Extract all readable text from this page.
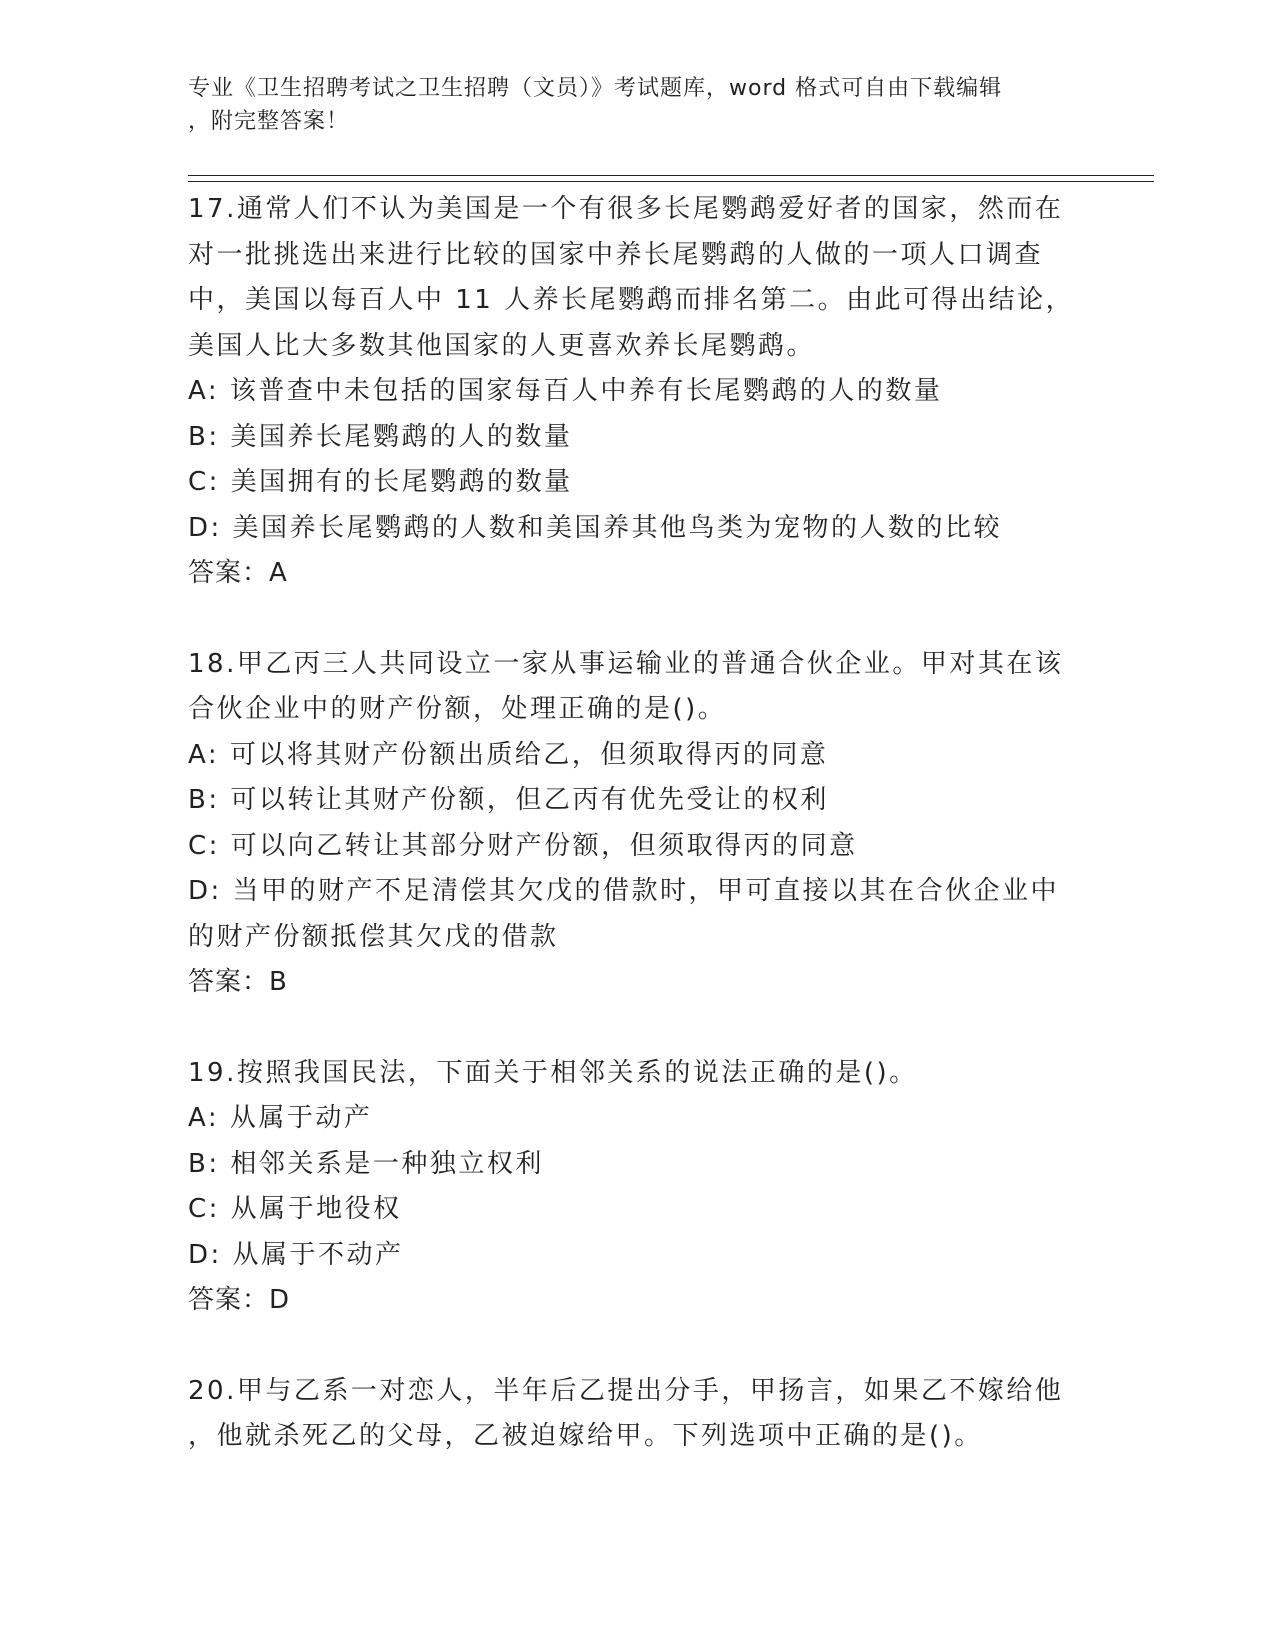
专业《卫生招聘考试之卫生招聘（文员）》考试题库，word 格式可自由下载编辑
，附完整答案！
17.通常人们不认为美国是一个有很多长尾鹦鹉爱好者的国家，然而在
对一批挑选出来进行比较的国家中养长尾鹦鹉的人做的一项人口调查
中，美国以每百人中 11 人养长尾鹦鹉而排名第二。由此可得出结论，
美国人比大多数其他国家的人更喜欢养长尾鹦鹉。
A: 该普查中未包括的国家每百人中养有长尾鹦鹉的人的数量
B: 美国养长尾鹦鹉的人的数量
C: 美国拥有的长尾鹦鹉的数量
D: 美国养长尾鹦鹉的人数和美国养其他鸟类为宠物的人数的比较
答案：A
18.甲乙丙三人共同设立一家从事运输业的普通合伙企业。甲对其在该
合伙企业中的财产份额，处理正确的是()。
A: 可以将其财产份额出质给乙，但须取得丙的同意
B: 可以转让其财产份额，但乙丙有优先受让的权利
C: 可以向乙转让其部分财产份额，但须取得丙的同意
D: 当甲的财产不足清偿其欠戊的借款时，甲可直接以其在合伙企业中
的财产份额抵偿其欠戊的借款
答案：B
19.按照我国民法，下面关于相邻关系的说法正确的是()。
A: 从属于动产
B: 相邻关系是一种独立权利
C: 从属于地役权
D: 从属于不动产
答案：D
20.甲与乙系一对恋人，半年后乙提出分手，甲扬言，如果乙不嫁给他
，他就杀死乙的父母，乙被迫嫁给甲。下列选项中正确的是()。
